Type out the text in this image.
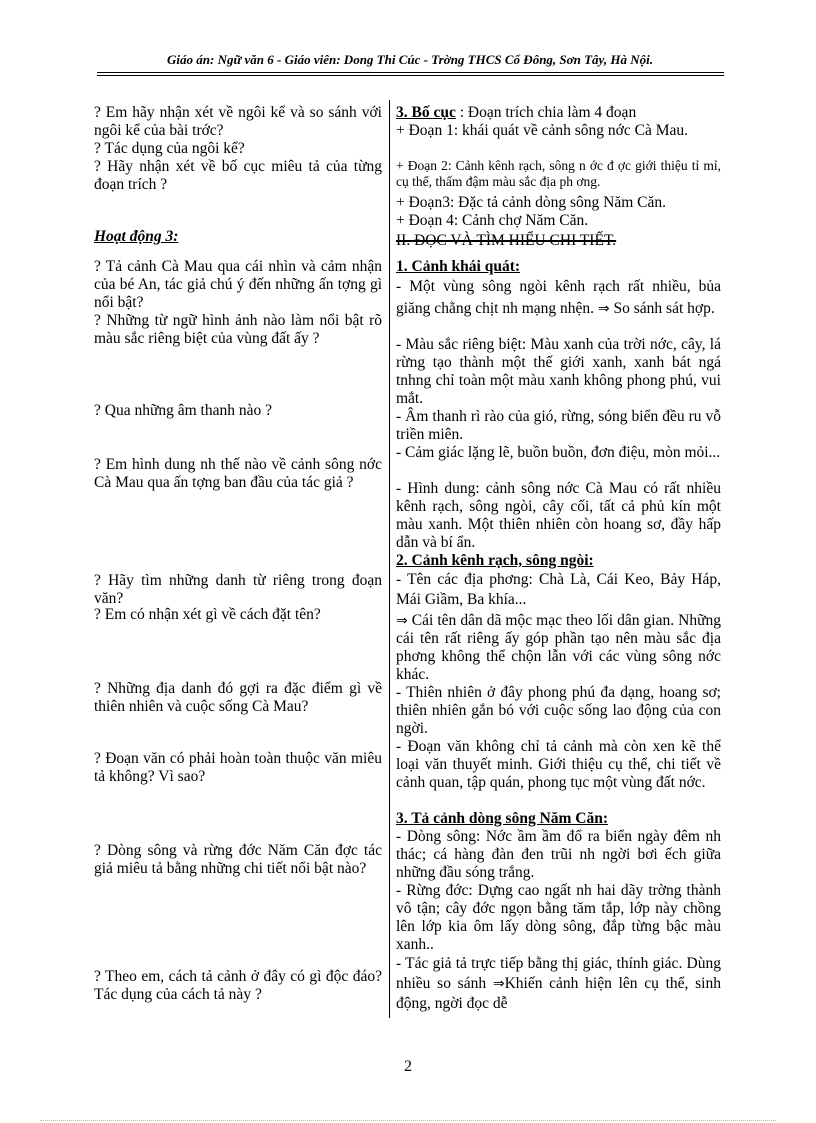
Giáo án: Ngữ văn 6 - Giáo viên: Dong Thi Cúc - Trờng THCS Cổ Đông, Sơn Tây, Hà Nội.

? Em hãy nhận xét về ngôi kể và so sánh với ngôi kể của bài trớc?

? Tác dụng của ngôi kể?

? Hãy nhận xét về bố cục miêu tả của từng đoạn trích ?

Hoạt động 3:

? Tả cảnh Cà Mau qua cái nhìn và cảm nhận của bé An, tác giả chú ý đến những ấn tợng gì nổi bật?

? Những từ ngữ hình ảnh nào làm nổi bật rõ màu sắc riêng biệt của vùng đất ấy ?

? Qua những âm thanh nào ?

? Em hình dung nh thế nào về cảnh sông nớc Cà Mau qua ấn tợng ban đầu của tác giả ?

? Hãy tìm những danh từ riêng trong đoạn văn?

? Em có nhận xét gì về cách đặt tên?

? Những địa danh đó gợi ra đặc điểm gì về thiên nhiên và cuộc sống Cà Mau?

? Đoạn văn có phải hoàn toàn thuộc văn miêu tả không? Vì sao?

? Dòng sông và rừng đớc Năm Căn đợc tác giả miêu tả bằng những chi tiết nổi bật nào?

? Theo em, cách tả cảnh ở đây có gì độc đáo? Tác dụng của cách tả này ?

3. Bố cục : Đoạn trích chia làm 4 đoạn

+ Đoạn 1: khái quát về cảnh sông nớc Cà Mau.

+ Đoạn 2: Cảnh kênh rạch, sông n ớc đ ợc giới thiệu tỉ mỉ, cụ thể, thấm đậm màu sắc địa ph ơng.

+ Đoạn3: Đặc tả cảnh dòng sông Năm Căn.

+ Đoạn 4: Cảnh chợ Năm Căn.

II. ĐỌC VÀ TÌM HIỂU CHI TIẾT.

1. Cảnh khái quát:

- Một vùng sông ngòi kênh rạch rất nhiều, bủa giăng chằng chịt nh mạng nhện. ⇒ So sánh sát hợp.

- Màu sắc riêng biệt: Màu xanh của trời nớc, cây, lá rừng tạo thành một thế giới xanh, xanh bát ngá tnhng chỉ toàn một màu xanh không phong phú, vui mắt.

- Âm thanh rì rào của gió, rừng, sóng biển đều ru vỗ triền miên.

- Cảm giác lặng lẽ, buồn buồn, đơn điệu, mòn mỏi...

- Hình dung: cảnh sông nớc Cà Mau có rất nhiều kênh rạch, sông ngòi, cây cối, tất cả phủ kín một màu xanh. Một thiên nhiên còn hoang sơ, đầy hấp dẫn và bí ẩn.

2. Cảnh kênh rạch, sông ngòi:

- Tên các địa phơng: Chà Là, Cái Keo, Bảy Háp, Mái Giầm, Ba khía...

⇒ Cái tên dân dã mộc mạc theo lối dân gian. Những cái tên rất riêng ấy góp phần tạo nên màu sắc địa phơng không thể chộn lẫn với các vùng sông nớc khác.

- Thiên nhiên ở đây phong phú đa dạng, hoang sơ; thiên nhiên gắn bó với cuộc sống lao động của con ngời.

- Đoạn văn không chỉ tả cảnh mà còn xen kẽ thể loại văn thuyết minh. Giới thiệu cụ thể, chi tiết về cảnh quan, tập quán, phong tục một vùng đất nớc.

3. Tả cảnh dòng sông Năm Căn:

- Dòng sông: Nớc ầm ầm đổ ra biển ngày đêm nh thác; cá hàng đàn đen trũi nh ngời bơi ếch giữa những đầu sóng trắng.

- Rừng đớc: Dựng cao ngất nh hai dãy trờng thành vô tận; cây đớc ngọn bằng tăm tắp, lớp này chồng lên lớp kia ôm lấy dòng sông, đắp từng bậc màu xanh..

- Tác giả tả trực tiếp bằng thị giác, thính giác. Dùng nhiều so sánh ⇒Khiến cảnh hiện lên cụ thể, sinh động, ngời đọc dễ

2
